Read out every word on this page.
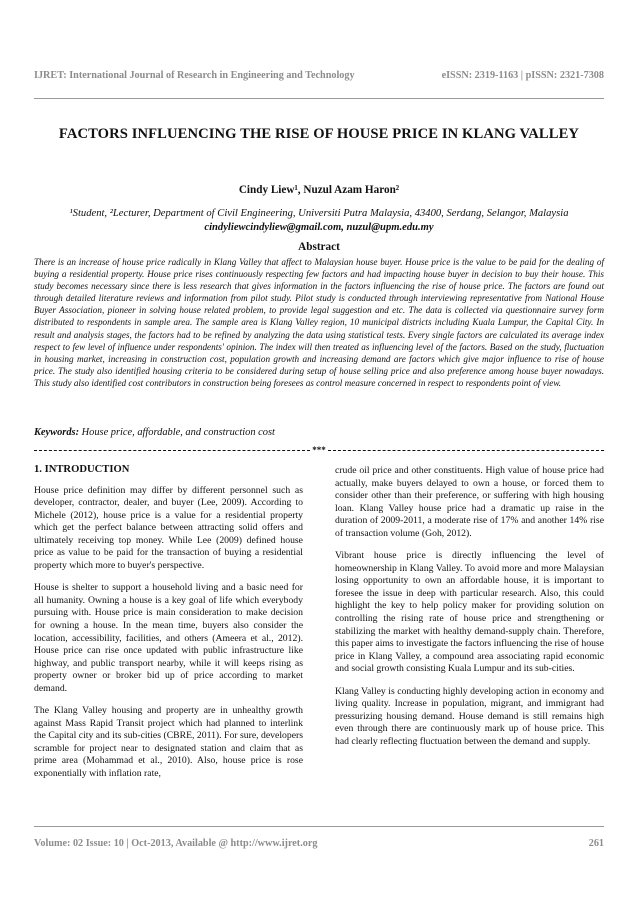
IJRET: International Journal of Research in Engineering and Technology	eISSN: 2319-1163 | pISSN: 2321-7308
FACTORS INFLUENCING THE RISE OF HOUSE PRICE IN KLANG VALLEY
Cindy Liew¹, Nuzul Azam Haron²
¹Student, ²Lecturer, Department of Civil Engineering, Universiti Putra Malaysia, 43400, Serdang, Selangor, Malaysia
cindyliewcindyliew@gmail.com, nuzul@upm.edu.my
Abstract
There is an increase of house price radically in Klang Valley that affect to Malaysian house buyer. House price is the value to be paid for the dealing of buying a residential property. House price rises continuously respecting few factors and had impacting house buyer in decision to buy their house. This study becomes necessary since there is less research that gives information in the factors influencing the rise of house price. The factors are found out through detailed literature reviews and information from pilot study. Pilot study is conducted through interviewing representative from National House Buyer Association, pioneer in solving house related problem, to provide legal suggestion and etc. The data is collected via questionnaire survey form distributed to respondents in sample area. The sample area is Klang Valley region, 10 municipal districts including Kuala Lumpur, the Capital City. In result and analysis stages, the factors had to be refined by analyzing the data using statistical tests. Every single factors are calculated its average index respect to few level of influence under respondents' opinion. The index will then treated as influencing level of the factors. Based on the study, fluctuation in housing market, increasing in construction cost, population growth and increasing demand are factors which give major influence to rise of house price. The study also identified housing criteria to be considered during setup of house selling price and also preference among house buyer nowadays. This study also identified cost contributors in construction being foresees as control measure concerned in respect to respondents point of view.
Keywords: House price, affordable, and construction cost
***
1. INTRODUCTION

House price definition may differ by different personnel such as developer, contractor, dealer, and buyer (Lee, 2009). According to Michele (2012), house price is a value for a residential property which get the perfect balance between attracting solid offers and ultimately receiving top money. While Lee (2009) defined house price as value to be paid for the transaction of buying a residential property which more to buyer's perspective.

House is shelter to support a household living and a basic need for all humanity. Owning a house is a key goal of life which everybody pursuing with. House price is main consideration to make decision for owning a house. In the mean time, buyers also consider the location, accessibility, facilities, and others (Ameera et al., 2012). House price can rise once updated with public infrastructure like highway, and public transport nearby, while it will keeps rising as property owner or broker bid up of price according to market demand.

The Klang Valley housing and property are in unhealthy growth against Mass Rapid Transit project which had planned to interlink the Capital city and its sub-cities (CBRE, 2011). For sure, developers scramble for project near to designated station and claim that as prime area (Mohammad et al., 2010). Also, house price is rose exponentially with inflation rate,

crude oil price and other constituents. High value of house price had actually, make buyers delayed to own a house, or forced them to consider other than their preference, or suffering with high housing loan. Klang Valley house price had a dramatic up raise in the duration of 2009-2011, a moderate rise of 17% and another 14% rise of transaction volume (Goh, 2012).

Vibrant house price is directly influencing the level of homeownership in Klang Valley. To avoid more and more Malaysian losing opportunity to own an affordable house, it is important to foresee the issue in deep with particular research. Also, this could highlight the key to help policy maker for providing solution on controlling the rising rate of house price and strengthening or stabilizing the market with healthy demand-supply chain. Therefore, this paper aims to investigate the factors influencing the rise of house price in Klang Valley, a compound area associating rapid economic and social growth consisting Kuala Lumpur and its sub-cities.

Klang Valley is conducting highly developing action in economy and living quality. Increase in population, migrant, and immigrant had pressurizing housing demand. House demand is still remains high even through there are continuously mark up of house price. This had clearly reflecting fluctuation between the demand and supply.

Volume: 02 Issue: 10 | Oct-2013, Available @ http://www.ijret.org	261
